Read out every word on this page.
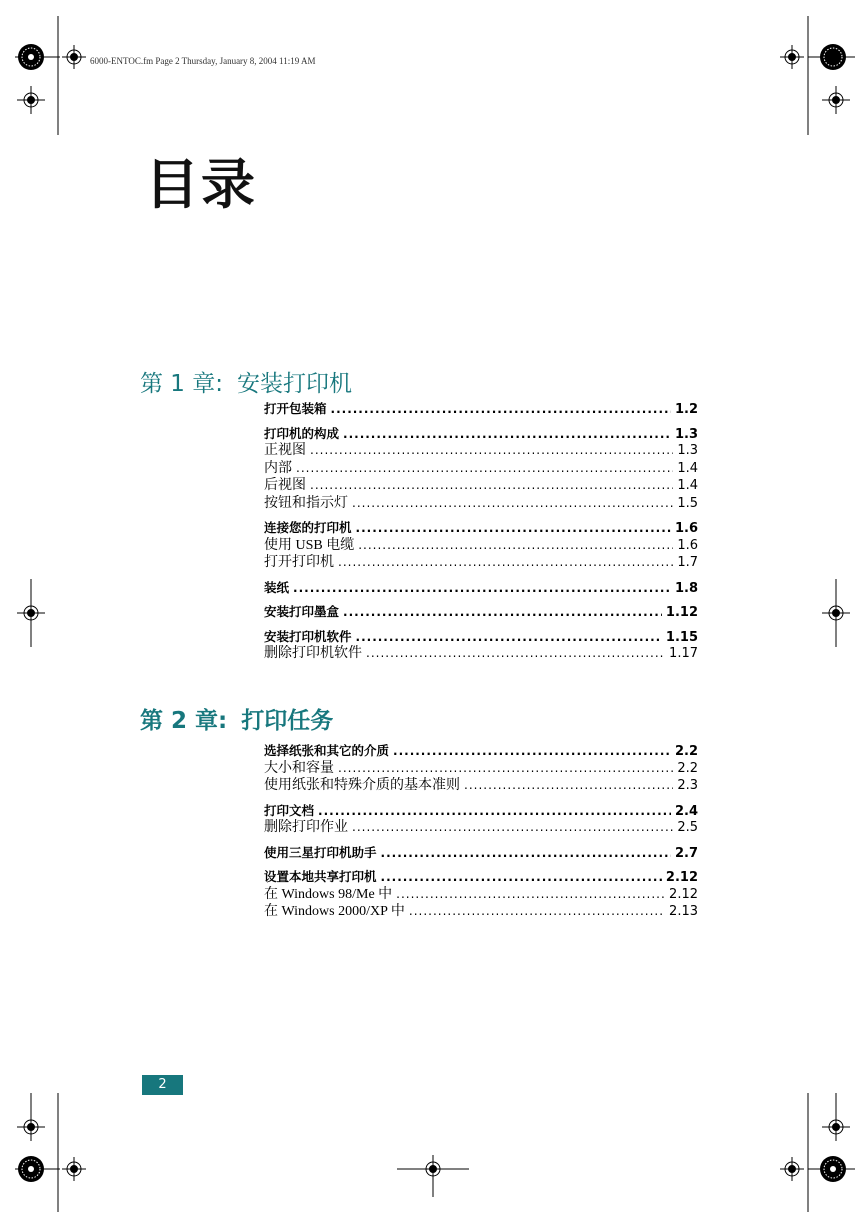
6000-ENTOC.fm Page 2 Thursday, January 8, 2004 11:19 AM
目录
第 1 章: 安装打印机
打开包装箱 .....	1.2
打印机的构成 .....	1.3
正视图 .....	1.3
内部 .....	1.4
后视图 .....	1.4
按钮和指示灯 .....	1.5
连接您的打印机 .....	1.6
使用 USB 电缆 .....	1.6
打开打印机 .....	1.7
装纸 .....	1.8
安装打印墨盒 .....	1.12
安装打印机软件 .....	1.15
删除打印机软件 .....	1.17
第 2 章: 打印任务
选择纸张和其它的介质 .....	2.2
大小和容量 .....	2.2
使用纸张和特殊介质的基本准则 .....	2.3
打印文档 .....	2.4
删除打印作业 .....	2.5
使用三星打印机助手 .....	2.7
设置本地共享打印机 .....	2.12
在 Windows 98/Me 中 .....	2.12
在 Windows 2000/XP 中 .....	2.13
2
